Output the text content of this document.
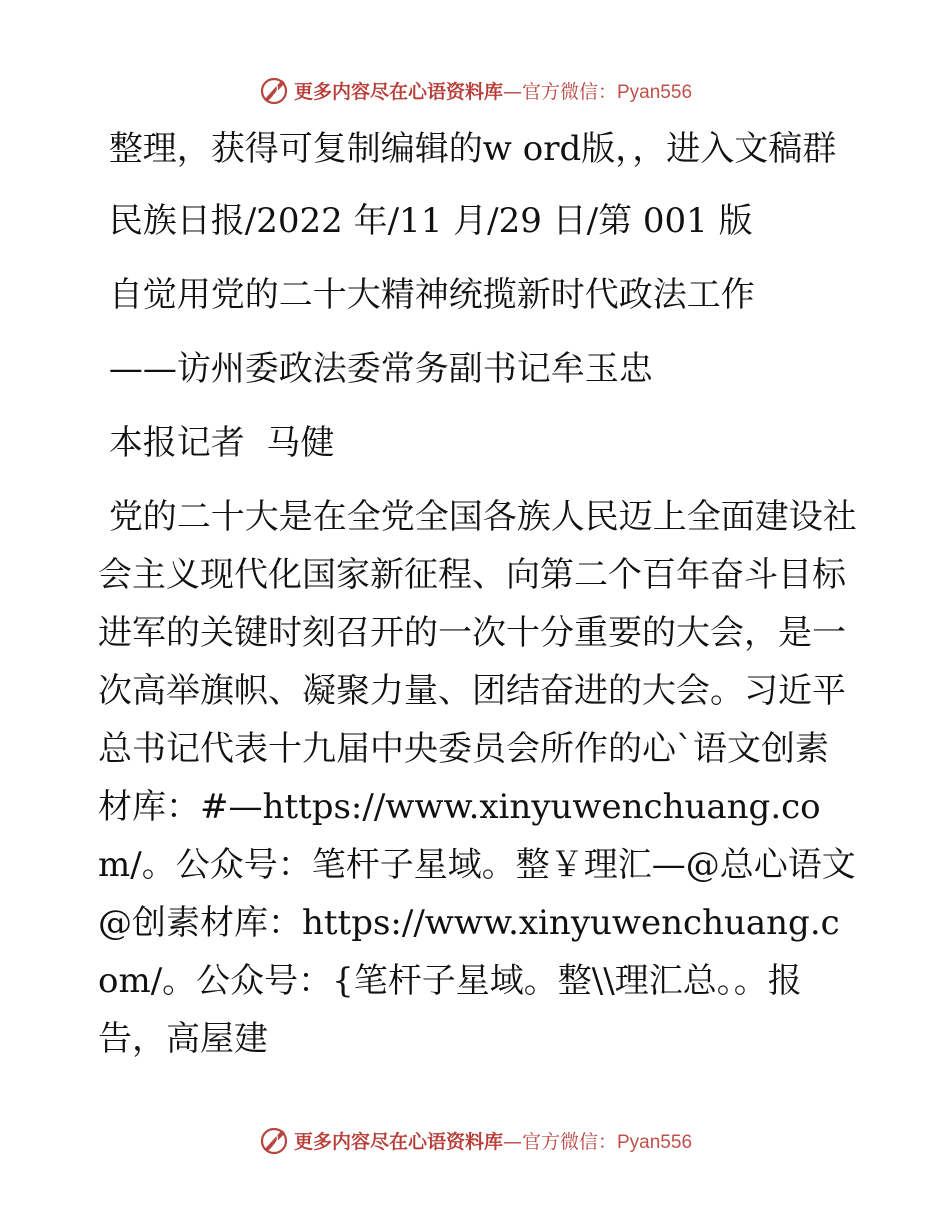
更多内容尽在心语资料库—官方微信：Pyan556

整理，获得可复制编辑的w ord版，，进入文稿群

民族日报/2022 年/11 月/29 日/第 001 版

自觉用党的二十大精神统揽新时代政法工作

——访州委政法委常务副书记牟玉忠

本报记者  马健

党的二十大是在全党全国各族人民迈上全面建设社会主义现代化国家新征程、向第二个百年奋斗目标进军的关键时刻召开的一次十分重要的大会，是一次高举旗帜、凝聚力量、团结奋进的大会。习近平总书记代表十九届中央委员会所作的心`语文创素材库：#—https://www.xinyuwenchuang.com/。公众号：笔杆子星域。整￥理汇—@总心语文@创素材库：https://www.xinyuwenchuang.com/。公众号：{笔杆子星域。整\\理汇总。。报告，高屋建

更多内容尽在心语资料库—官方微信：Pyan556
